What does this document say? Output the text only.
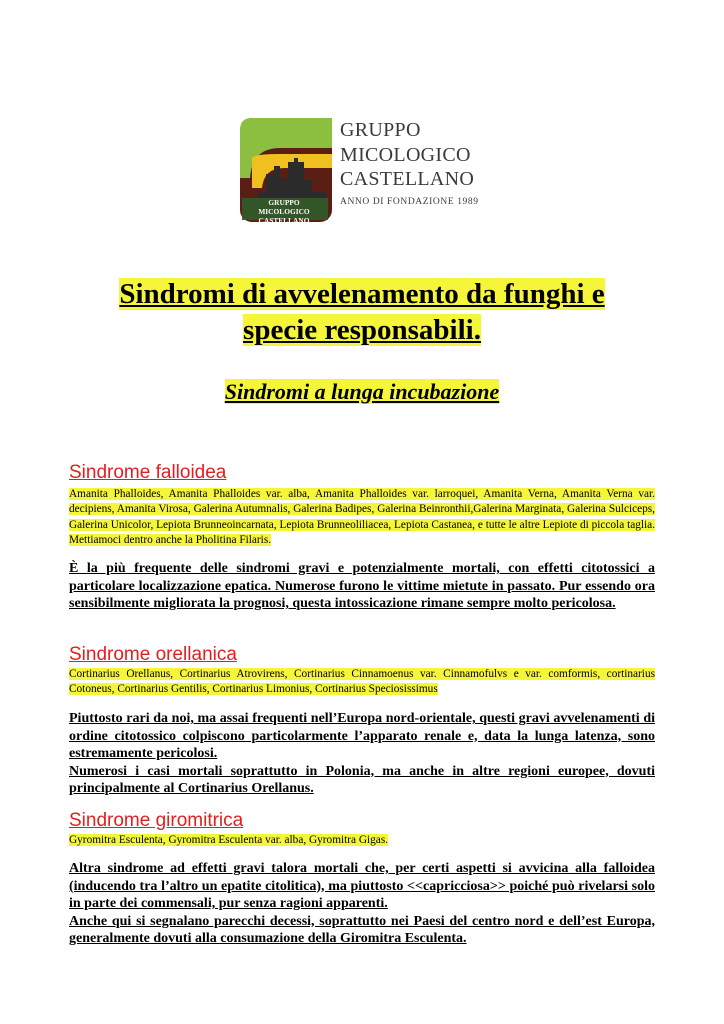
GRUPPO MICOLOGICO
CASTELLANO
GRUPPO
MICOLOGICO
CASTELLANO
ANNO DI FONDAZIONE 1989
Sindromi di avvelenamento da funghi e
specie responsabili.
Sindromi a lunga incubazione
Sindrome falloidea
Amanita Phalloides, Amanita Phalloides var. alba, Amanita Phalloides var. larroquei, Amanita Verna, Amanita Verna var. decipiens, Amanita Virosa, Galerina Autumnalis, Galerina Badipes, Galerina Beinronthii,Galerina Marginata, Galerina Sulciceps, Galerina Unicolor, Lepiota Brunneoincarnata, Lepiota Brunneoliliacea, Lepiota Castanea, e tutte le altre Lepiote di piccola taglia. Mettiamoci dentro anche la Pholitina Filaris.

È la più frequente delle sindromi gravi e potenzialmente mortali, con effetti citotossici a particolare localizzazione epatica. Numerose furono le vittime mietute in passato. Pur essendo ora sensibilmente migliorata la prognosi, questa intossicazione rimane sempre molto pericolosa.

Sindrome orellanica
Cortinarius Orellanus, Cortinarius Atrovirens, Cortinarius Cinnamoenus var. Cinnamofulvs e var. comformis, cortinarius Cotoneus, Cortinarius Gentilis, Cortinarius Limonius, Cortinarius Speciosissimus

Piuttosto rari da noi, ma assai frequenti nell’Europa nord-orientale, questi gravi avvelenamenti di ordine citotossico colpiscono particolarmente l’apparato renale e, data la lunga latenza, sono estremamente pericolosi.

Numerosi i casi mortali soprattutto in Polonia, ma anche in altre regioni europee, dovuti principalmente al Cortinarius Orellanus.

Sindrome giromitrica
Gyromitra Esculenta, Gyromitra Esculenta var. alba, Gyromitra Gigas.

Altra sindrome ad effetti gravi talora mortali che, per certi aspetti si avvicina alla falloidea (inducendo tra l’altro un epatite citolitica), ma piuttosto <<capricciosa>> poiché può rivelarsi solo in parte dei commensali, pur senza ragioni apparenti.

Anche qui si segnalano parecchi decessi, soprattutto nei Paesi del centro nord e dell’est Europa, generalmente dovuti alla consumazione della Giromitra Esculenta.
